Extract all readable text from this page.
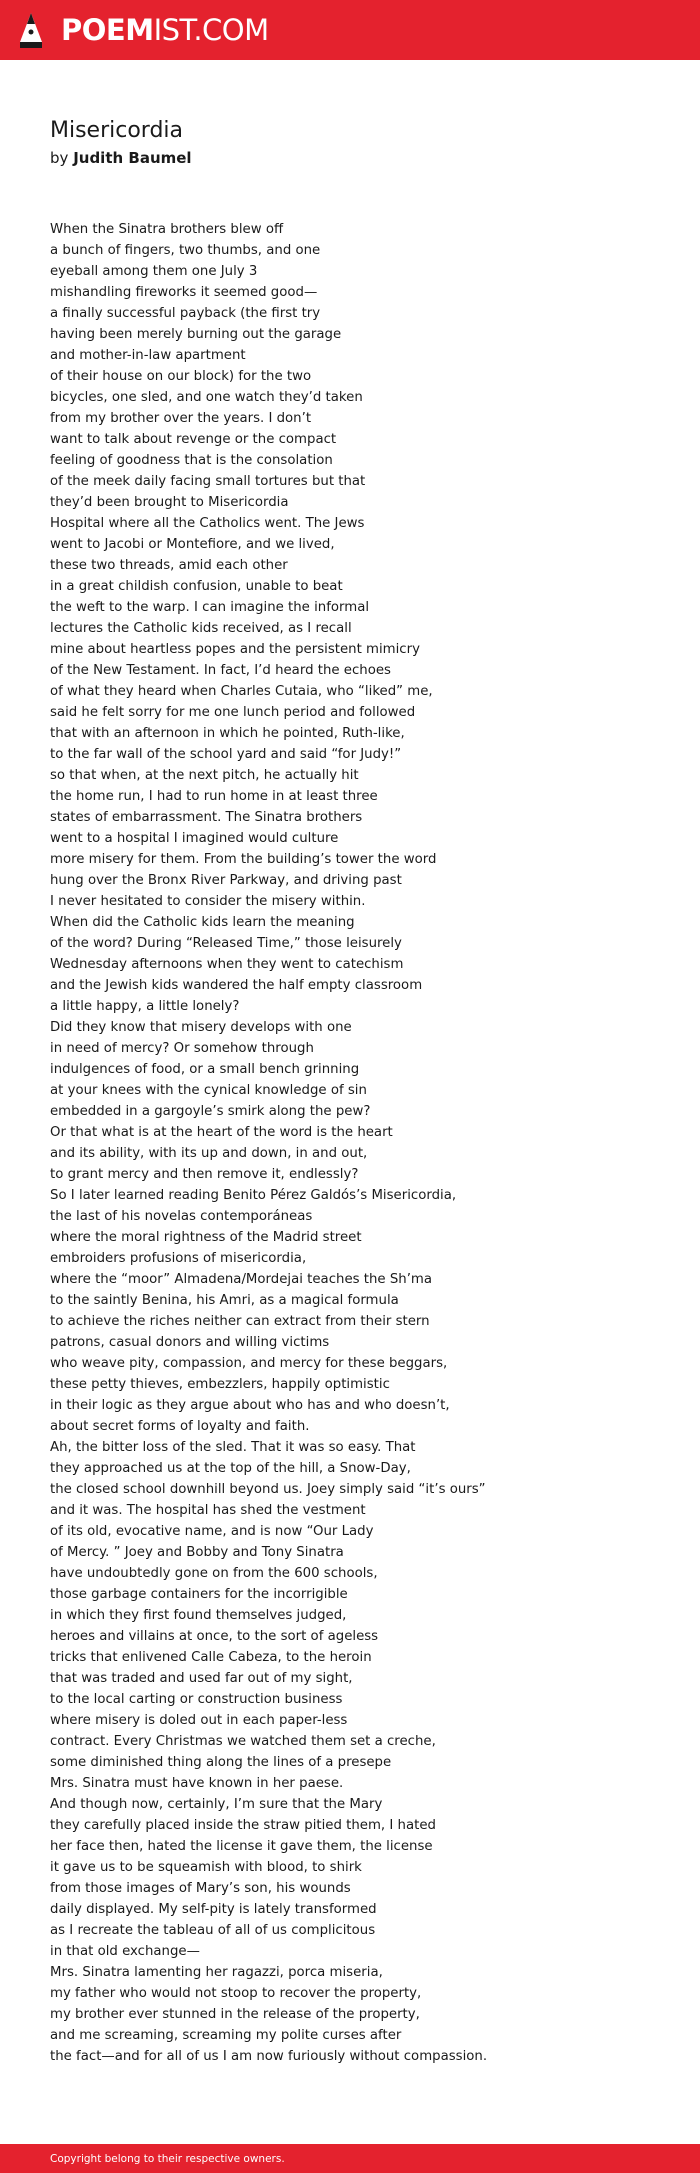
POEMIST.COM
Misericordia
by Judith Baumel
When the Sinatra brothers blew off
a bunch of fingers, two thumbs, and one
eyeball among them one July 3
mishandling fireworks it seemed good—
a finally successful payback (the first try
having been merely burning out the garage
and mother-in-law apartment
of their house on our block) for the two
bicycles, one sled, and one watch they’d taken
from my brother over the years. I don’t
want to talk about revenge or the compact
feeling of goodness that is the consolation
of the meek daily facing small tortures but that
they’d been brought to Misericordia
Hospital where all the Catholics went. The Jews
went to Jacobi or Montefiore, and we lived,
these two threads, amid each other
in a great childish confusion, unable to beat
the weft to the warp. I can imagine the informal
lectures the Catholic kids received, as I recall
mine about heartless popes and the persistent mimicry
of the New Testament. In fact, I’d heard the echoes
of what they heard when Charles Cutaia, who “liked” me,
said he felt sorry for me one lunch period and followed
that with an afternoon in which he pointed, Ruth-like,
to the far wall of the school yard and said “for Judy!”
so that when, at the next pitch, he actually hit
the home run, I had to run home in at least three
states of embarrassment. The Sinatra brothers
went to a hospital I imagined would culture
more misery for them. From the building’s tower the word
hung over the Bronx River Parkway, and driving past
I never hesitated to consider the misery within.
When did the Catholic kids learn the meaning
of the word? During “Released Time,” those leisurely
Wednesday afternoons when they went to catechism
and the Jewish kids wandered the half empty classroom
a little happy, a little lonely?
Did they know that misery develops with one
in need of mercy? Or somehow through
indulgences of food, or a small bench grinning
at your knees with the cynical knowledge of sin
embedded in a gargoyle’s smirk along the pew?
Or that what is at the heart of the word is the heart
and its ability, with its up and down, in and out,
to grant mercy and then remove it, endlessly?
So I later learned reading Benito Pérez Galdós’s Misericordia,
the last of his novelas contemporáneas
where the moral rightness of the Madrid street
embroiders profusions of misericordia,
where the “moor” Almadena/Mordejai teaches the Sh’ma
to the saintly Benina, his Amri, as a magical formula
to achieve the riches neither can extract from their stern
patrons, casual donors and willing victims
who weave pity, compassion, and mercy for these beggars,
these petty thieves, embezzlers, happily optimistic
in their logic as they argue about who has and who doesn’t,
about secret forms of loyalty and faith.
Ah, the bitter loss of the sled. That it was so easy. That
they approached us at the top of the hill, a Snow-Day,
the closed school downhill beyond us. Joey simply said “it’s ours”
and it was. The hospital has shed the vestment
of its old, evocative name, and is now “Our Lady
of Mercy. ” Joey and Bobby and Tony Sinatra
have undoubtedly gone on from the 600 schools,
those garbage containers for the incorrigible
in which they first found themselves judged,
heroes and villains at once, to the sort of ageless
tricks that enlivened Calle Cabeza, to the heroin
that was traded and used far out of my sight,
to the local carting or construction business
where misery is doled out in each paper-less
contract. Every Christmas we watched them set a creche,
some diminished thing along the lines of a presepe
Mrs. Sinatra must have known in her paese.
And though now, certainly, I’m sure that the Mary
they carefully placed inside the straw pitied them, I hated
her face then, hated the license it gave them, the license
it gave us to be squeamish with blood, to shirk
from those images of Mary’s son, his wounds
daily displayed. My self-pity is lately transformed
as I recreate the tableau of all of us complicitous
in that old exchange—
Mrs. Sinatra lamenting her ragazzi, porca miseria,
my father who would not stoop to recover the property,
my brother ever stunned in the release of the property,
and me screaming, screaming my polite curses after
the fact—and for all of us I am now furiously without compassion.
Copyright belong to their respective owners.
